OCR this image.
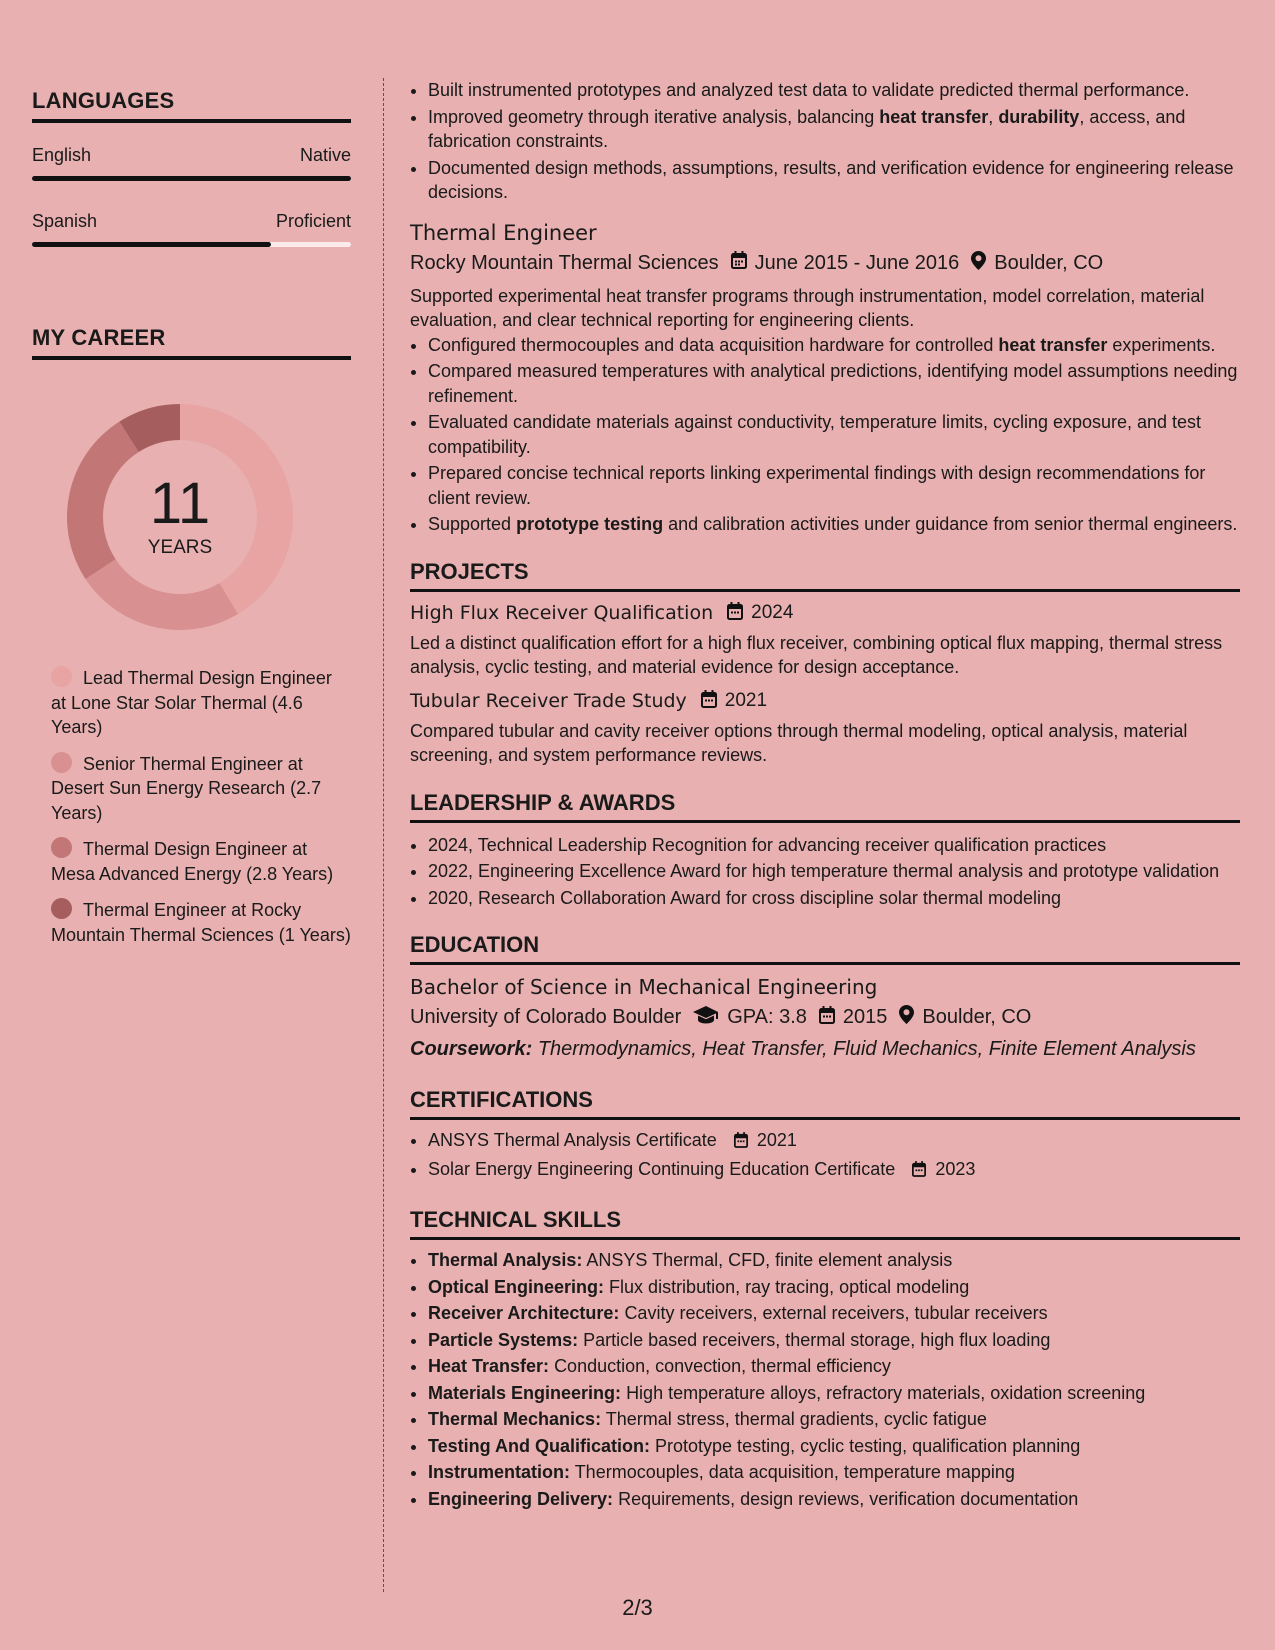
LANGUAGES
English	Native
Spanish	Proficient
MY CAREER
11
YEARS
Lead Thermal Design Engineer at Lone Star Solar Thermal (4.6 Years)
Senior Thermal Engineer at Desert Sun Energy Research (2.7 Years)
Thermal Design Engineer at Mesa Advanced Energy (2.8 Years)
Thermal Engineer at Rocky Mountain Thermal Sciences (1 Years)
• Built instrumented prototypes and analyzed test data to validate predicted thermal performance.
• Improved geometry through iterative analysis, balancing heat transfer, durability, access, and fabrication constraints.
• Documented design methods, assumptions, results, and verification evidence for engineering release decisions.
Thermal Engineer
Rocky Mountain Thermal Sciences June 2015 - June 2016 Boulder, CO
Supported experimental heat transfer programs through instrumentation, model correlation, material evaluation, and clear technical reporting for engineering clients.
• Configured thermocouples and data acquisition hardware for controlled heat transfer experiments.
• Compared measured temperatures with analytical predictions, identifying model assumptions needing refinement.
• Evaluated candidate materials against conductivity, temperature limits, cycling exposure, and test compatibility.
• Prepared concise technical reports linking experimental findings with design recommendations for client review.
• Supported prototype testing and calibration activities under guidance from senior thermal engineers.
PROJECTS
High Flux Receiver Qualification 2024
Led a distinct qualification effort for a high flux receiver, combining optical flux mapping, thermal stress analysis, cyclic testing, and material evidence for design acceptance.
Tubular Receiver Trade Study 2021
Compared tubular and cavity receiver options through thermal modeling, optical analysis, material screening, and system performance reviews.
LEADERSHIP & AWARDS
• 2024, Technical Leadership Recognition for advancing receiver qualification practices
• 2022, Engineering Excellence Award for high temperature thermal analysis and prototype validation
• 2020, Research Collaboration Award for cross discipline solar thermal modeling
EDUCATION
Bachelor of Science in Mechanical Engineering
University of Colorado Boulder GPA: 3.8 2015 Boulder, CO
Coursework: Thermodynamics, Heat Transfer, Fluid Mechanics, Finite Element Analysis
CERTIFICATIONS
• ANSYS Thermal Analysis Certificate 2021
• Solar Energy Engineering Continuing Education Certificate 2023
TECHNICAL SKILLS
• Thermal Analysis: ANSYS Thermal, CFD, finite element analysis
• Optical Engineering: Flux distribution, ray tracing, optical modeling
• Receiver Architecture: Cavity receivers, external receivers, tubular receivers
• Particle Systems: Particle based receivers, thermal storage, high flux loading
• Heat Transfer: Conduction, convection, thermal efficiency
• Materials Engineering: High temperature alloys, refractory materials, oxidation screening
• Thermal Mechanics: Thermal stress, thermal gradients, cyclic fatigue
• Testing And Qualification: Prototype testing, cyclic testing, qualification planning
• Instrumentation: Thermocouples, data acquisition, temperature mapping
• Engineering Delivery: Requirements, design reviews, verification documentation
2/3
